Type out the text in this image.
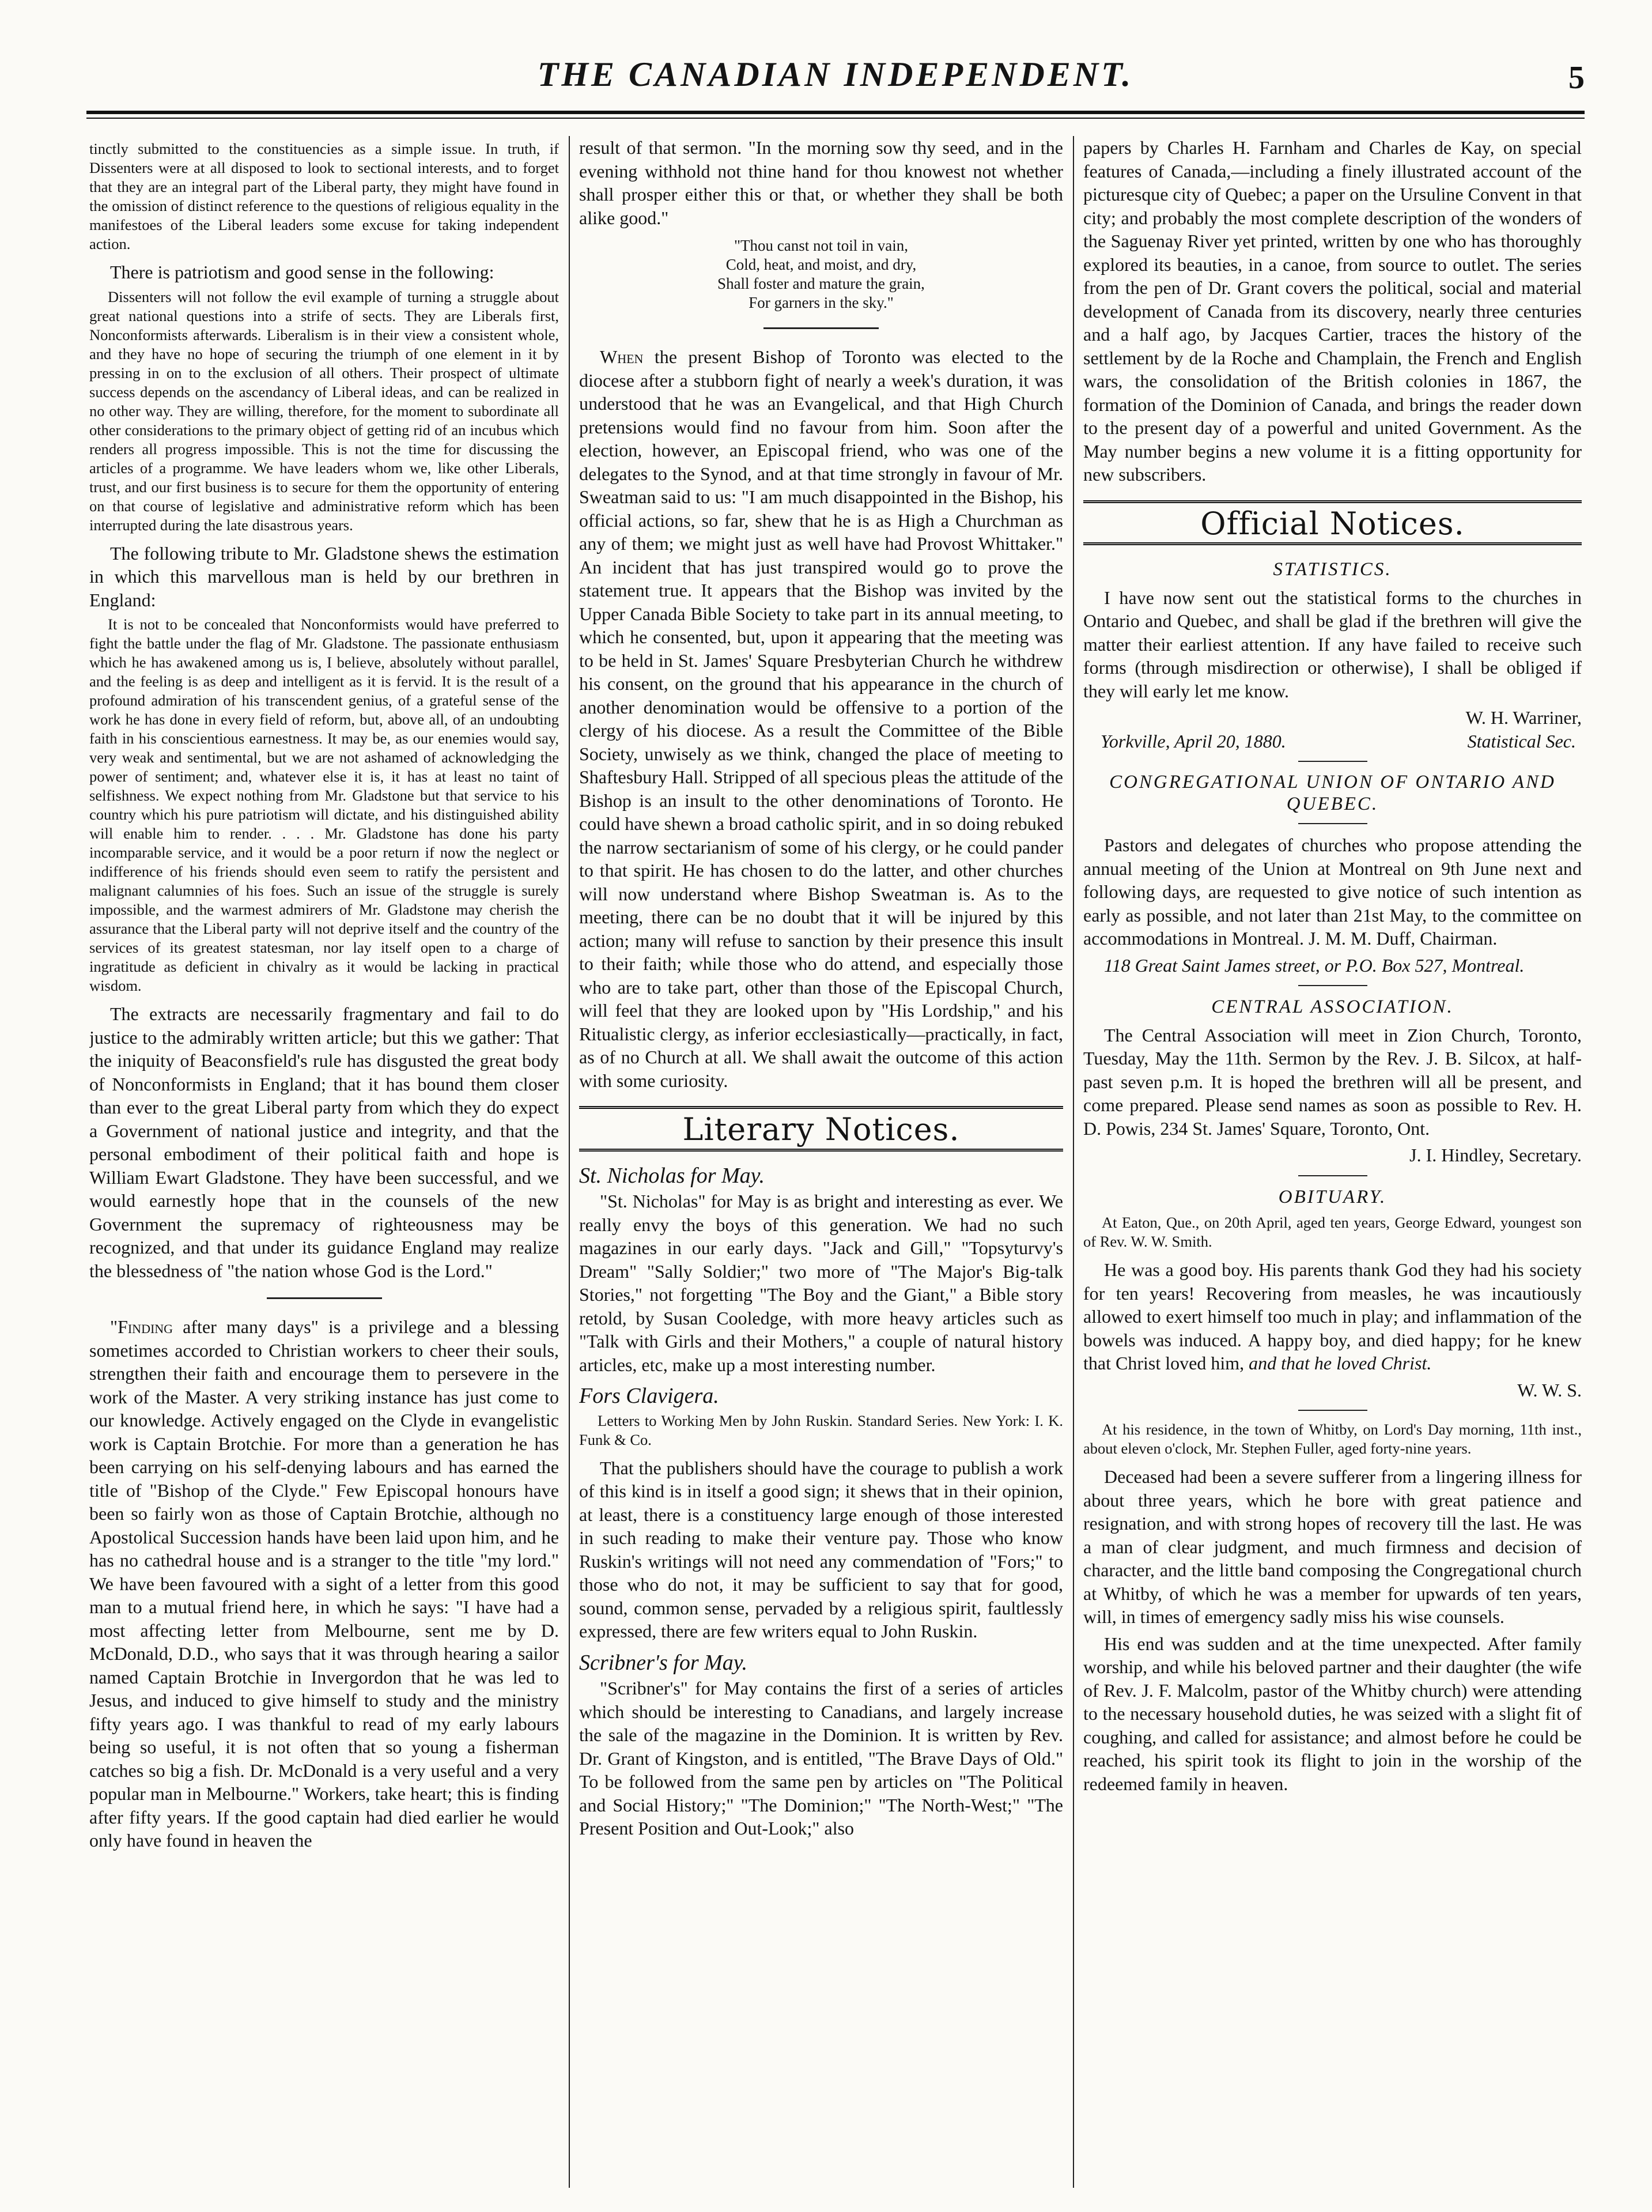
THE CANADIAN INDEPENDENT.	5

tinctly submitted to the constituencies as a simple issue. In truth, if Dissenters were at all disposed to look to sectional interests, and to forget that they are an integral part of the Liberal party, they might have found in the omission of distinct reference to the questions of religious equality in the manifestoes of the Liberal leaders some excuse for taking independent action.

There is patriotism and good sense in the following:

Dissenters will not follow the evil example of turning a struggle about great national questions into a strife of sects. They are Liberals first, Nonconformists afterwards. Liberalism is in their view a consistent whole, and they have no hope of securing the triumph of one element in it by pressing in on to the exclusion of all others. Their prospect of ultimate success depends on the ascendancy of Liberal ideas, and can be realized in no other way. They are willing, therefore, for the moment to subordinate all other considerations to the primary object of getting rid of an incubus which renders all progress impossible. This is not the time for discussing the articles of a programme. We have leaders whom we, like other Liberals, trust, and our first business is to secure for them the opportunity of entering on that course of legislative and administrative reform which has been interrupted during the late disastrous years.

The following tribute to Mr. Gladstone shews the estimation in which this marvellous man is held by our brethren in England:

It is not to be concealed that Nonconformists would have preferred to fight the battle under the flag of Mr. Gladstone. The passionate enthusiasm which he has awakened among us is, I believe, absolutely without parallel, and the feeling is as deep and intelligent as it is fervid. It is the result of a profound admiration of his transcendent genius, of a grateful sense of the work he has done in every field of reform, but, above all, of an undoubting faith in his conscientious earnestness. It may be, as our enemies would say, very weak and sentimental, but we are not ashamed of acknowledging the power of sentiment; and, whatever else it is, it has at least no taint of selfishness. We expect nothing from Mr. Gladstone but that service to his country which his pure patriotism will dictate, and his distinguished ability will enable him to render. . . . Mr. Gladstone has done his party incomparable service, and it would be a poor return if now the neglect or indifference of his friends should even seem to ratify the persistent and malignant calumnies of his foes. Such an issue of the struggle is surely impossible, and the warmest admirers of Mr. Gladstone may cherish the assurance that the Liberal party will not deprive itself and the country of the services of its greatest statesman, nor lay itself open to a charge of ingratitude as deficient in chivalry as it would be lacking in practical wisdom.

The extracts are necessarily fragmentary and fail to do justice to the admirably written article; but this we gather: That the iniquity of Beaconsfield's rule has disgusted the great body of Nonconformists in England; that it has bound them closer than ever to the great Liberal party from which they do expect a Government of national justice and integrity, and that the personal embodiment of their political faith and hope is William Ewart Gladstone. They have been successful, and we would earnestly hope that in the counsels of the new Government the supremacy of righteousness may be recognized, and that under its guidance England may realize the blessedness of "the nation whose God is the Lord."

"Finding after many days" is a privilege and a blessing sometimes accorded to Christian workers to cheer their souls, strengthen their faith and encourage them to persevere in the work of the Master. A very striking instance has just come to our knowledge. Actively engaged on the Clyde in evangelistic work is Captain Brotchie. For more than a generation he has been carrying on his self-denying labours and has earned the title of "Bishop of the Clyde." Few Episcopal honours have been so fairly won as those of Captain Brotchie, although no Apostolical Succession hands have been laid upon him, and he has no cathedral house and is a stranger to the title "my lord." We have been favoured with a sight of a letter from this good man to a mutual friend here, in which he says: "I have had a most affecting letter from Melbourne, sent me by D. McDonald, D.D., who says that it was through hearing a sailor named Captain Brotchie in Invergordon that he was led to Jesus, and induced to give himself to study and the ministry fifty years ago. I was thankful to read of my early labours being so useful, it is not often that so young a fisherman catches so big a fish. Dr. McDonald is a very useful and a very popular man in Melbourne." Workers, take heart; this is finding after fifty years. If the good captain had died earlier he would only have found in heaven the

result of that sermon. "In the morning sow thy seed, and in the evening withhold not thine hand for thou knowest not whether shall prosper either this or that, or whether they shall be both alike good."

"Thou canst not toil in vain,
Cold, heat, and moist, and dry,
Shall foster and mature the grain,
For garners in the sky."

When the present Bishop of Toronto was elected to the diocese after a stubborn fight of nearly a week's duration, it was understood that he was an Evangelical, and that High Church pretensions would find no favour from him. Soon after the election, however, an Episcopal friend, who was one of the delegates to the Synod, and at that time strongly in favour of Mr. Sweatman said to us: "I am much disappointed in the Bishop, his official actions, so far, shew that he is as High a Churchman as any of them; we might just as well have had Provost Whittaker." An incident that has just transpired would go to prove the statement true. It appears that the Bishop was invited by the Upper Canada Bible Society to take part in its annual meeting, to which he consented, but, upon it appearing that the meeting was to be held in St. James' Square Presbyterian Church he withdrew his consent, on the ground that his appearance in the church of another denomination would be offensive to a portion of the clergy of his diocese. As a result the Committee of the Bible Society, unwisely as we think, changed the place of meeting to Shaftesbury Hall. Stripped of all specious pleas the attitude of the Bishop is an insult to the other denominations of Toronto. He could have shewn a broad catholic spirit, and in so doing rebuked the narrow sectarianism of some of his clergy, or he could pander to that spirit. He has chosen to do the latter, and other churches will now understand where Bishop Sweatman is. As to the meeting, there can be no doubt that it will be injured by this action; many will refuse to sanction by their presence this insult to their faith; while those who do attend, and especially those who are to take part, other than those of the Episcopal Church, will feel that they are looked upon by "His Lordship," and his Ritualistic clergy, as inferior ecclesiastically—practically, in fact, as of no Church at all. We shall await the outcome of this action with some curiosity.

Literary Notices.
St. Nicholas for May.

"St. Nicholas" for May is as bright and interesting as ever. We really envy the boys of this generation. We had no such magazines in our early days. "Jack and Gill," "Topsyturvy's Dream" "Sally Soldier;" two more of "The Major's Big-talk Stories," not forgetting "The Boy and the Giant," a Bible story retold, by Susan Cooledge, with more heavy articles such as "Talk with Girls and their Mothers," a couple of natural history articles, etc, make up a most interesting number.

Fors Clavigera.

Letters to Working Men by John Ruskin. Standard Series. New York: I. K. Funk & Co.

That the publishers should have the courage to publish a work of this kind is in itself a good sign; it shews that in their opinion, at least, there is a constituency large enough of those interested in such reading to make their venture pay. Those who know Ruskin's writings will not need any commendation of "Fors;" to those who do not, it may be sufficient to say that for good, sound, common sense, pervaded by a religious spirit, faultlessly expressed, there are few writers equal to John Ruskin.

Scribner's for May.

"Scribner's" for May contains the first of a series of articles which should be interesting to Canadians, and largely increase the sale of the magazine in the Dominion. It is written by Rev. Dr. Grant of Kingston, and is entitled, "The Brave Days of Old." To be followed from the same pen by articles on "The Political and Social History;" "The Dominion;" "The North-West;" "The Present Position and Out-Look;" also

papers by Charles H. Farnham and Charles de Kay, on special features of Canada,—including a finely illustrated account of the picturesque city of Quebec; a paper on the Ursuline Convent in that city; and probably the most complete description of the wonders of the Saguenay River yet printed, written by one who has thoroughly explored its beauties, in a canoe, from source to outlet. The series from the pen of Dr. Grant covers the political, social and material development of Canada from its discovery, nearly three centuries and a half ago, by Jacques Cartier, traces the history of the settlement by de la Roche and Champlain, the French and English wars, the consolidation of the British colonies in 1867, the formation of the Dominion of Canada, and brings the reader down to the present day of a powerful and united Government. As the May number begins a new volume it is a fitting opportunity for new subscribers.

Official Notices.
STATISTICS.

I have now sent out the statistical forms to the churches in Ontario and Quebec, and shall be glad if the brethren will give the matter their earliest attention. If any have failed to receive such forms (through misdirection or otherwise), I shall be obliged if they will early let me know.

W. H. Warriner,
Yorkville, April 20, 1880.	Statistical Sec.
CONGREGATIONAL UNION OF ONTARIO AND QUEBEC.

Pastors and delegates of churches who propose attending the annual meeting of the Union at Montreal on 9th June next and following days, are requested to give notice of such intention as early as possible, and not later than 21st May, to the committee on accommodations in Montreal. J. M. M. Duff, Chairman.

118 Great Saint James street, or P.O. Box 527, Montreal.

CENTRAL ASSOCIATION.

The Central Association will meet in Zion Church, Toronto, Tuesday, May the 11th. Sermon by the Rev. J. B. Silcox, at half-past seven p.m. It is hoped the brethren will all be present, and come prepared. Please send names as soon as possible to Rev. H. D. Powis, 234 St. James' Square, Toronto, Ont.

J. I. Hindley, Secretary.
OBITUARY.

At Eaton, Que., on 20th April, aged ten years, George Edward, youngest son of Rev. W. W. Smith.

He was a good boy. His parents thank God they had his society for ten years! Recovering from measles, he was incautiously allowed to exert himself too much in play; and inflammation of the bowels was induced. A happy boy, and died happy; for he knew that Christ loved him, and that he loved Christ.

W. W. S.

At his residence, in the town of Whitby, on Lord's Day morning, 11th inst., about eleven o'clock, Mr. Stephen Fuller, aged forty-nine years.

Deceased had been a severe sufferer from a lingering illness for about three years, which he bore with great patience and resignation, and with strong hopes of recovery till the last. He was a man of clear judgment, and much firmness and decision of character, and the little band composing the Congregational church at Whitby, of which he was a member for upwards of ten years, will, in times of emergency sadly miss his wise counsels.

His end was sudden and at the time unexpected. After family worship, and while his beloved partner and their daughter (the wife of Rev. J. F. Malcolm, pastor of the Whitby church) were attending to the necessary household duties, he was seized with a slight fit of coughing, and called for assistance; and almost before he could be reached, his spirit took its flight to join in the worship of the redeemed family in heaven.
